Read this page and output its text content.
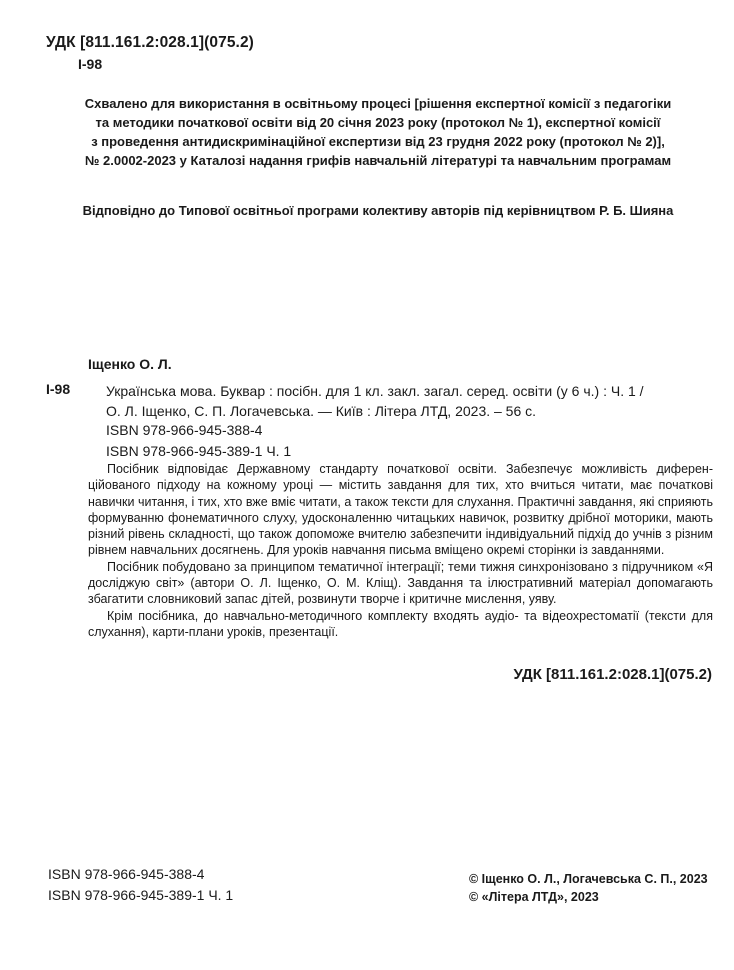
УДК [811.161.2:028.1](075.2)
І-98
Схвалено для використання в освітньому процесі [рішення експертної комісії з педагогіки
та методики початкової освіти від 20 січня 2023 року (протокол № 1), експертної комісії
з проведення антидискримінаційної експертизи від 23 грудня 2022 року (протокол № 2)],
№ 2.0002-2023 у Каталозі надання грифів навчальній літературі та навчальним програмам
Відповідно до Типової освітньої програми колективу авторів під керівництвом Р. Б. Шияна
Іщенко О. Л.
І-98	Українська мова. Буквар : посібн. для 1 кл. закл. загал. серед. освіти (у 6 ч.) : Ч. 1 /
О. Л. Іщенко, С. П. Логачевська. — Київ : Літера ЛТД, 2023. – 56 с.
ISBN 978-966-945-388-4
ISBN 978-966-945-389-1 Ч. 1

Посібник відповідає Державному стандарту початкової освіти. Забезпечує можливість диференційованого підходу на кожному уроці — містить завдання для тих, хто вчиться читати, має початкові навички читання, і тих, хто вже вміє читати, а також тексти для слухання. Практичні завдання, які сприяють формуванню фонематичного слуху, удосконаленню читацьких навичок, розвитку дрібної моторики, мають різний рівень складності, що також допоможе вчителю забезпечити індивідуальний підхід до учнів з різним рівнем навчальних досягнень. Для уроків навчання письма вміщено окремі сторінки із завданнями.

Посібник побудовано за принципом тематичної інтеграції; теми тижня синхронізовано з підручником «Я досліджую світ» (автори О. Л. Іщенко, О. М. Кліщ). Завдання та ілюстративний матеріал допомагають збагатити словниковий запас дітей, розвинути творче і критичне мислення, уяву.

Крім посібника, до навчально-методичного комплекту входять аудіо- та відеохрестоматії (тексти для слухання), карти-плани уроків, презентації.

УДК [811.161.2:028.1](075.2)
ISBN 978-966-945-388-4
ISBN 978-966-945-389-1 Ч. 1
© Іщенко О. Л., Логачевська С. П., 2023
© «Літера ЛТД», 2023
